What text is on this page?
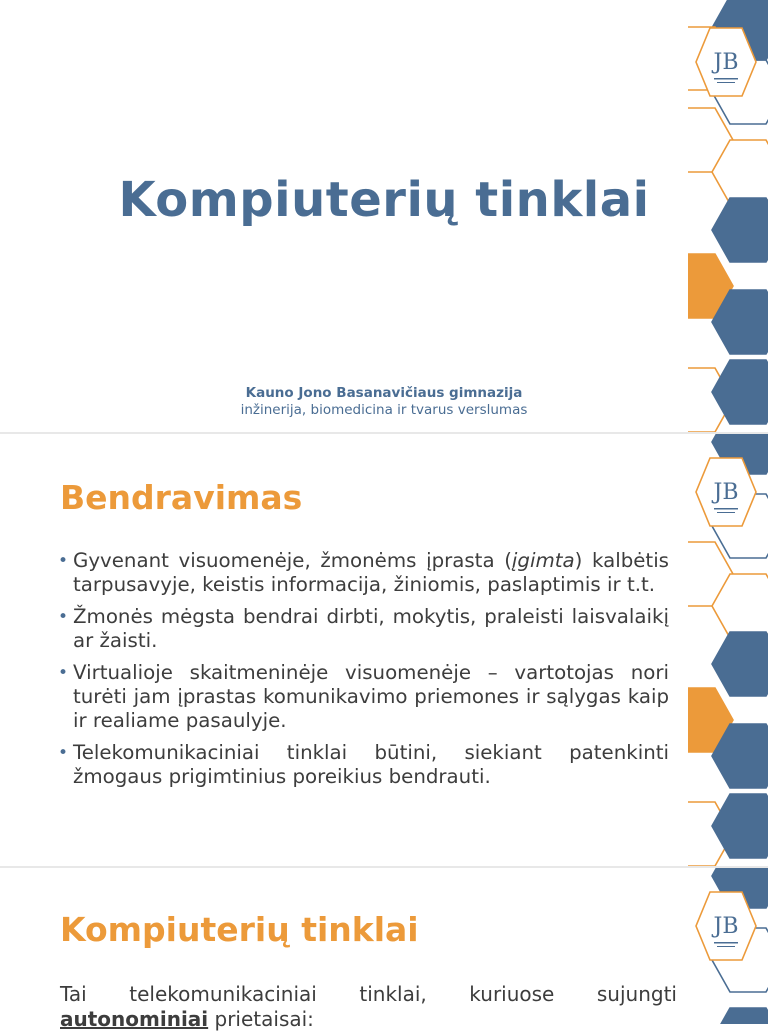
JB
Kompiuterių tinklai
Kauno Jono Basanavičiaus gimnazija
inžinerija, biomedicina ir tvarus verslumas
JB
Bendravimas
• Gyvenant visuomenėje, žmonėms įprasta (įgimta) kalbėtis tarpusavyje, keistis informacija, žiniomis, paslaptimis ir t.t.
• Žmonės mėgsta bendrai dirbti, mokytis, praleisti laisvalaikį ar žaisti.
• Virtualioje skaitmeninėje visuomenėje – vartotojas nori turėti jam įprastas komunikavimo priemones ir sąlygas kaip ir realiame pasaulyje.
• Telekomunikaciniai tinklai būtini, siekiant patenkinti žmogaus prigimtinius poreikius bendrauti.
JB
Kompiuterių tinklai
Tai telekomunikaciniai tinklai, kuriuose sujungti
autonominiai prietaisai:
